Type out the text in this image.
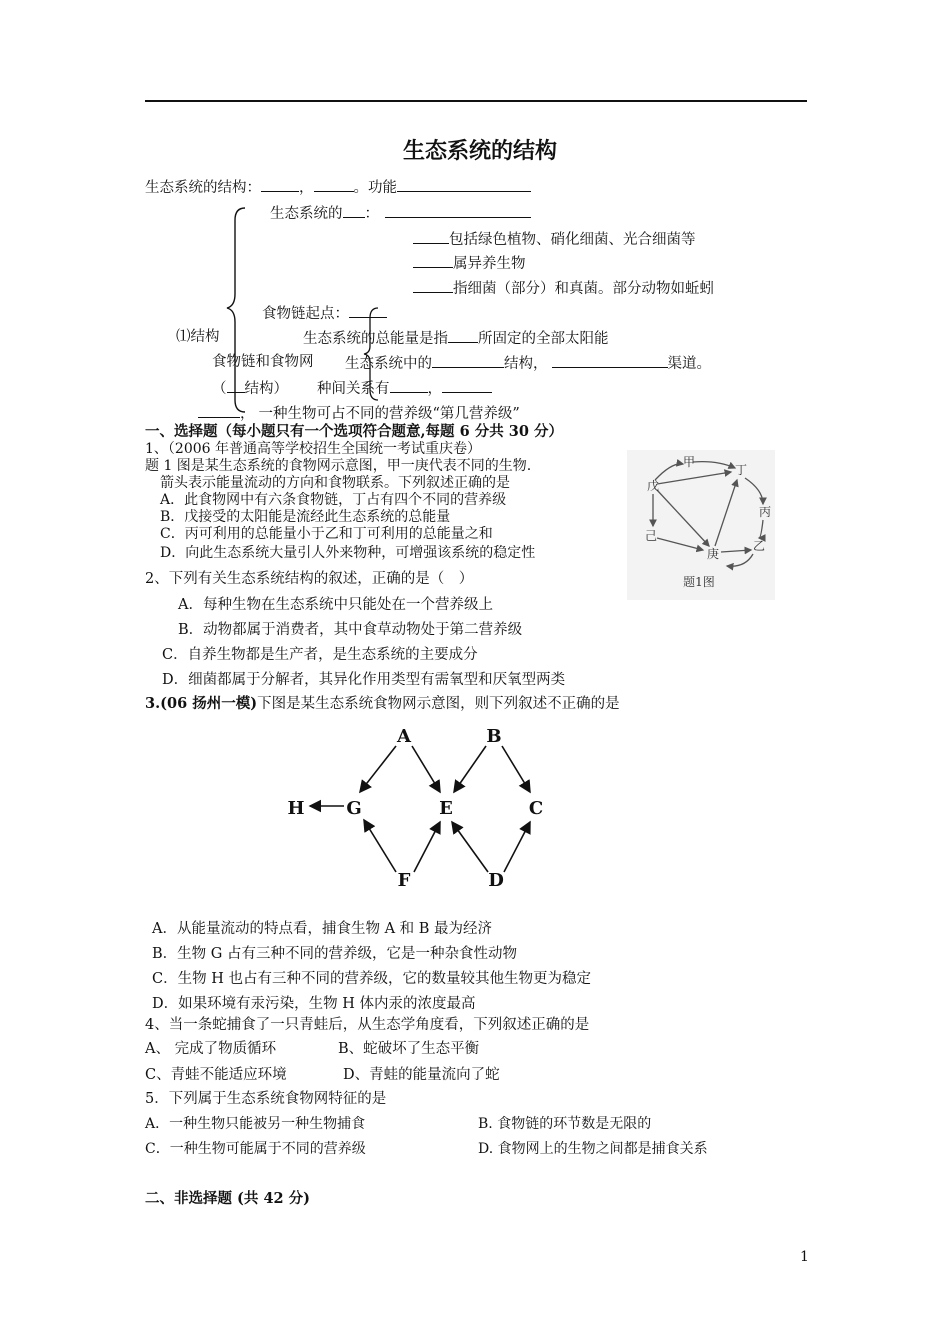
生态系统的结构
生态系统的结构：	，	。功能
生态系统的 ：
包括绿色植物、硝化细菌、光合细菌等
属异养生物
指细菌（部分）和真菌。部分动物如蚯蚓
食物链起点：
⑴结构	生态系统的总能量是指 所固定的全部太阳能
食物链和食物网 生态系统中的	结构，	渠道。
（ 结构） 种间关系有	，
， 一种生物可占不同的营养级“第几营养级”
一、选择题（每小题只有一个选项符合题意,每题 6 分共 30 分）
1、（2006 年普通高等学校招生全国统一考试重庆卷）
题 1 图是某生态系统的食物网示意图，甲一庚代表不同的生物.
箭头表示能量流动的方向和食物联系。下列叙述正确的是
A．此食物网中有六条食物链，丁占有四个不同的营养级
B．戊接受的太阳能是流经此生态系统的总能量
C．丙可利用的总能量小于乙和丁可利用的总能量之和
D．向此生态系统大量引人外来物种，可增强该系统的稳定性
甲
丁
戊
丙
己
庚
乙
题1图
2、下列有关生态系统结构的叙述，正确的是（　）
A．每种生物在生态系统中只能处在一个营养级上
B．动物都属于消费者，其中食草动物处于第二营养级
C．自养生物都是生产者，是生态系统的主要成分
D．细菌都属于分解者，其异化作用类型有需氧型和厌氧型两类
3.(06 扬州一模)下图是某生态系统食物网示意图，则下列叙述不正确的是
A	B
H G	E	C
F	D
A．从能量流动的特点看，捕食生物 A 和 B 最为经济
B．生物 G 占有三种不同的营养级，它是一种杂食性动物
C．生物 H 也占有三种不同的营养级，它的数量较其他生物更为稳定
D．如果环境有汞污染，生物 H 体内汞的浓度最高
4、当一条蛇捕食了一只青蛙后，从生态学角度看，下列叙述正确的是
A、 完成了物质循环	B、蛇破坏了生态平衡
C、青蛙不能适应环境	D、青蛙的能量流向了蛇
5．下列属于生态系统食物网特征的是
A．一种生物只能被另一种生物捕食	B. 食物链的环节数是无限的
C．一种生物可能属于不同的营养级	D. 食物网上的生物之间都是捕食关系
二、非选择题 (共 42 分)
1
